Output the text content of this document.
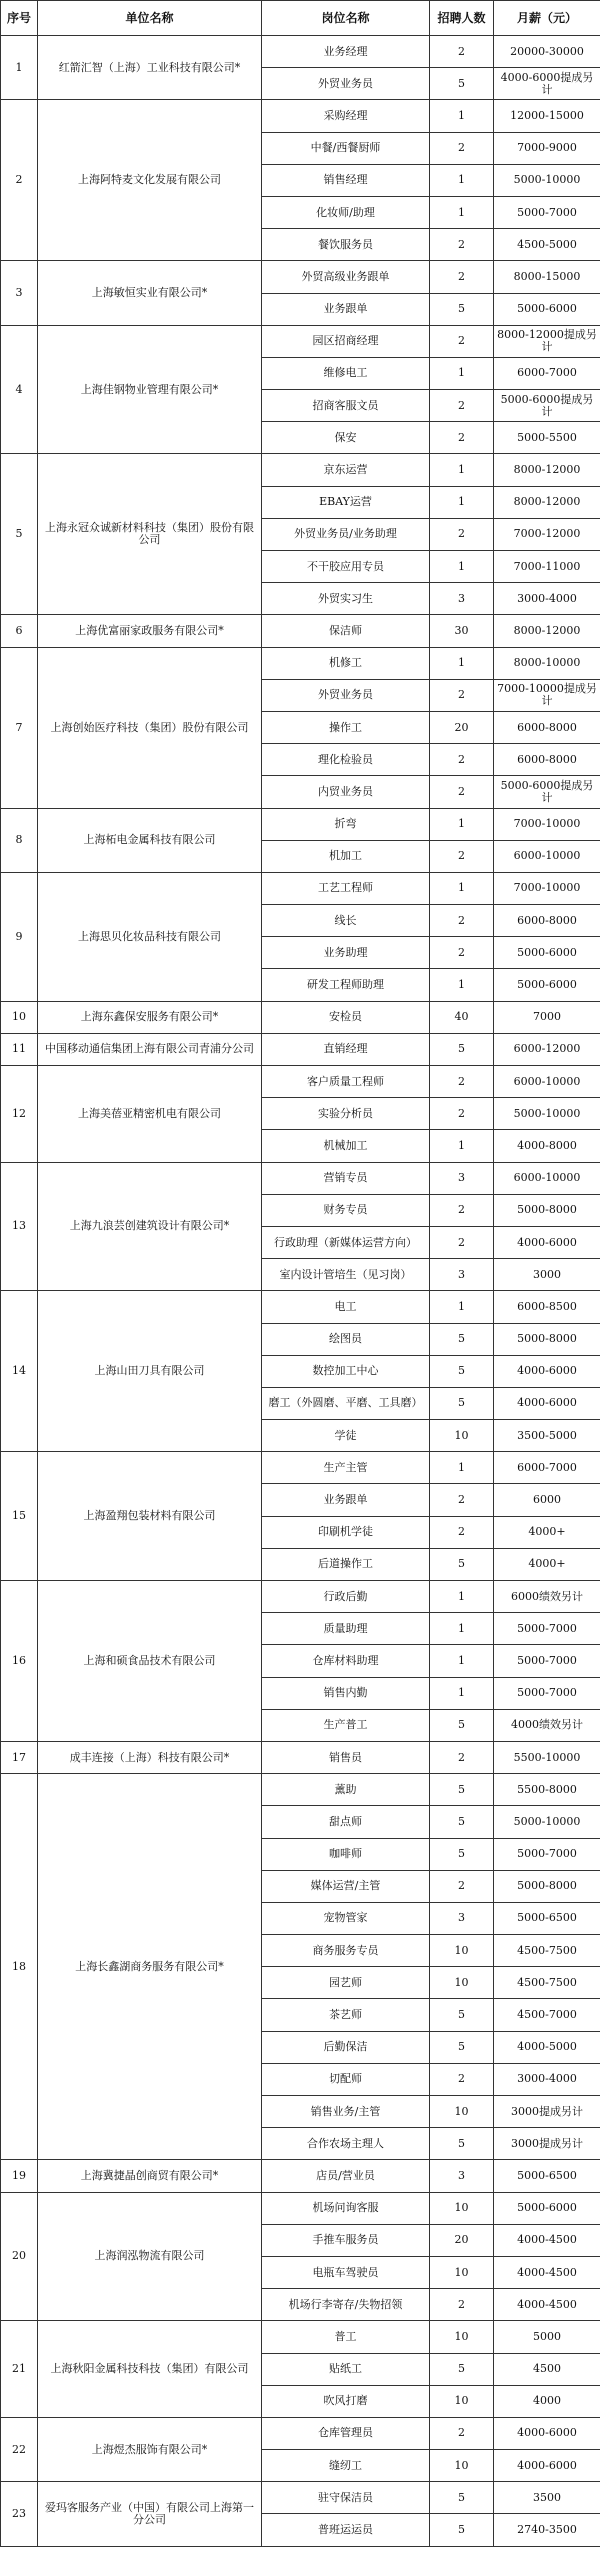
序号	单位名称	岗位名称	招聘人数	月薪（元）
1	红箭汇智（上海）工业科技有限公司*	业务经理	2	20000-30000
		外贸业务员	5	4000-6000提成另计
2	上海阿特麦文化发展有限公司	采购经理	1	12000-15000
		中餐/西餐厨师	2	7000-9000
		销售经理	1	5000-10000
		化妆师/助理	1	5000-7000
		餐饮服务员	2	4500-5000
3	上海敏恒实业有限公司*	外贸高级业务跟单	2	8000-15000
		业务跟单	5	5000-6000
4	上海佳钢物业管理有限公司*	园区招商经理	2	8000-12000提成另计
		维修电工	1	6000-7000
		招商客服文员	2	5000-6000提成另计
		保安	2	5000-5500
5	上海永冠众诚新材料科技（集团）股份有限公司	京东运营	1	8000-12000
		EBAY运营	1	8000-12000
		外贸业务员/业务助理	2	7000-12000
		不干胶应用专员	1	7000-11000
		外贸实习生	3	3000-4000
6	上海优富丽家政服务有限公司*	保洁师	30	8000-12000
7	上海创始医疗科技（集团）股份有限公司	机修工	1	8000-10000
		外贸业务员	2	7000-10000提成另计
		操作工	20	6000-8000
		理化检验员	2	6000-8000
		内贸业务员	2	5000-6000提成另计
8	上海柘电金属科技有限公司	折弯	1	7000-10000
		机加工	2	6000-10000
9	上海思贝化妆品科技有限公司	工艺工程师	1	7000-10000
		线长	2	6000-8000
		业务助理	2	5000-6000
		研发工程师助理	1	5000-6000
10	上海东鑫保安服务有限公司*	安检员	40	7000
11	中国移动通信集团上海有限公司青浦分公司	直销经理	5	6000-12000
12	上海美蓓亚精密机电有限公司	客户质量工程师	2	6000-10000
		实验分析员	2	5000-10000
		机械加工	1	4000-8000
13	上海九浪芸创建筑设计有限公司*	营销专员	3	6000-10000
		财务专员	2	5000-8000
		行政助理（新媒体运营方向）	2	4000-6000
		室内设计管培生（见习岗）	3	3000
14	上海山田刀具有限公司	电工	1	6000-8500
		绘图员	5	5000-8000
		数控加工中心	5	4000-6000
		磨工（外圆磨、平磨、工具磨）	5	4000-6000
		学徒	10	3500-5000
15	上海盈翔包装材料有限公司	生产主管	1	6000-7000
		业务跟单	2	6000
		印刷机学徒	2	4000+
		后道操作工	5	4000+
16	上海和硕食品技术有限公司	行政后勤	1	6000绩效另计
		质量助理	1	5000-7000
		仓库材料助理	1	5000-7000
		销售内勤	1	5000-7000
		生产普工	5	4000绩效另计
17	成丰连接（上海）科技有限公司*	销售员	2	5500-10000
18	上海长鑫湖商务服务有限公司*	薰助	5	5500-8000
		甜点师	5	5000-10000
		咖啡师	5	5000-7000
		媒体运营/主管	2	5000-8000
		宠物管家	3	5000-6500
		商务服务专员	10	4500-7500
		园艺师	10	4500-7500
		茶艺师	5	4500-7000
		后勤保洁	5	4000-5000
		切配师	2	3000-4000
		销售业务/主管	10	3000提成另计
		合作农场主理人	5	3000提成另计
19	上海冀捷晶创商贸有限公司*	店员/营业员	3	5000-6500
20	上海润泓物流有限公司	机场问询客服	10	5000-6000
		手推车服务员	20	4000-4500
		电瓶车驾驶员	10	4000-4500
		机场行李寄存/失物招领	2	4000-4500
21	上海秋阳金属科技科技（集团）有限公司	普工	10	5000
		贴纸工	5	4500
		吹风打磨	10	4000
22	上海煜杰服饰有限公司*	仓库管理员	2	4000-6000
		缝纫工	10	4000-6000
23	爱玛客服务产业（中国）有限公司上海第一分公司	驻守保洁员	5	3500
		普班运运员	5	2740-3500
